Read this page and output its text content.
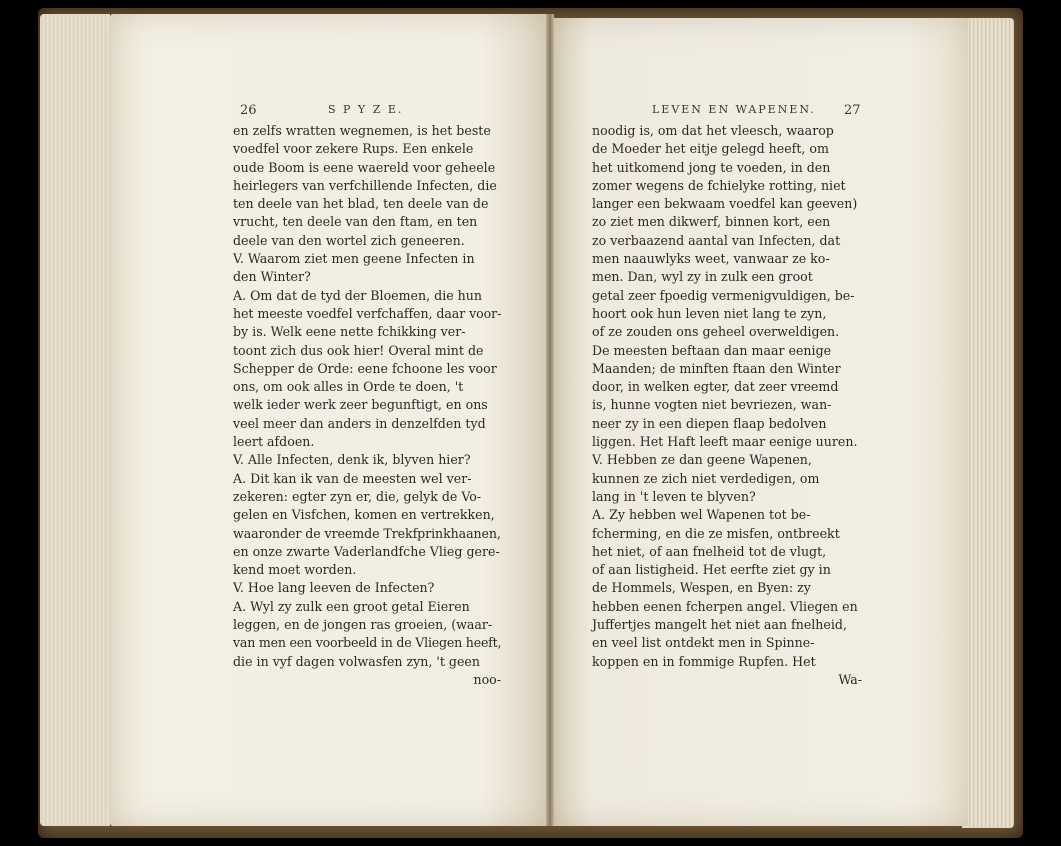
26	S P Y Z E.	LEVEN EN WAPENEN. 27
en zelfs wratten wegnemen, is het beste
voedfel voor zekere Rups. Een enkele
oude Boom is eene waereld voor geheele
heirlegers van verfchillende Infecten, die
ten deele van het blad, ten deele van de
vrucht, ten deele van den ftam, en ten
deele van den wortel zich geneeren.
V. Waarom ziet men geene Infecten in
den Winter?
A. Om dat de tyd der Bloemen, die hun
het meeste voedfel verfchaffen, daar voor-
by is. Welk eene nette fchikking ver-
toont zich dus ook hier! Overal mint de
Schepper de Orde: eene fchoone les voor
ons, om ook alles in Orde te doen, 't
welk ieder werk zeer begunftigt, en ons
veel meer dan anders in denzelfden tyd
leert afdoen.
V. Alle Infecten, denk ik, blyven hier?
A. Dit kan ik van de meesten wel ver-
zekeren: egter zyn er, die, gelyk de Vo-
gelen en Visfchen, komen en vertrekken,
waaronder de vreemde Trekfprinkhaanen,
en onze zwarte Vaderlandfche Vlieg gere-
kend moet worden.
V. Hoe lang leeven de Infecten?
A. Wyl zy zulk een groot getal Eieren
leggen, en de jongen ras groeien, (waar-
van men een voorbeeld in de Vliegen heeft,
die in vyf dagen volwasfen zyn, 't geen
noo-
noodig is, om dat het vleesch, waarop
de Moeder het eitje gelegd heeft, om
het uitkomend jong te voeden, in den
zomer wegens de fchielyke rotting, niet
langer een bekwaam voedfel kan geeven)
zo ziet men dikwerf, binnen kort, een
zo verbaazend aantal van Infecten, dat
men naauwlyks weet, vanwaar ze ko-
men. Dan, wyl zy in zulk een groot
getal zeer fpoedig vermenigvuldigen, be-
hoort ook hun leven niet lang te zyn,
of ze zouden ons geheel overweldigen.
De meesten beftaan dan maar eenige
Maanden; de minften ftaan den Winter
door, in welken egter, dat zeer vreemd
is, hunne vogten niet bevriezen, wan-
neer zy in een diepen flaap bedolven
liggen. Het Haft leeft maar eenige uuren.
V. Hebben ze dan geene Wapenen,
kunnen ze zich niet verdedigen, om
lang in 't leven te blyven?
A. Zy hebben wel Wapenen tot be-
fcherming, en die ze misfen, ontbreekt
het niet, of aan fnelheid tot de vlugt,
of aan listigheid. Het eerfte ziet gy in
de Hommels, Wespen, en Byen: zy
hebben eenen fcherpen angel. Vliegen en
Juffertjes mangelt het niet aan fnelheid,
en veel list ontdekt men in Spinne-
koppen en in fommige Rupfen. Het
Wa-
